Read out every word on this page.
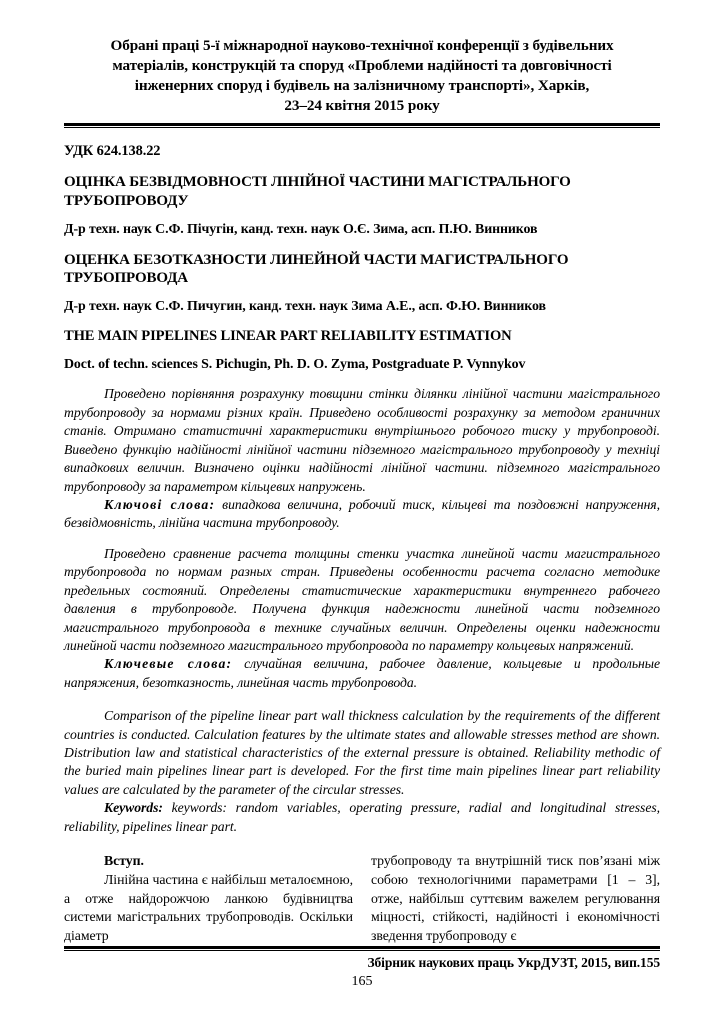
Обрані праці 5-ї міжнародної науково-технічної конференції з будівельних
матеріалів, конструкцій та споруд «Проблеми надійності та довговічності
інженерних споруд і будівель на залізничному транспорті», Харків,
23–24 квітня 2015 року
УДК 624.138.22
ОЦІНКА БЕЗВІДМОВНОСТІ ЛІНІЙНОЇ ЧАСТИНИ МАГІСТРАЛЬНОГО ТРУБОПРОВОДУ
Д-р техн. наук С.Ф. Пічугін, канд. техн. наук О.Є. Зима, асп. П.Ю. Винников
ОЦЕНКА БЕЗОТКАЗНОСТИ ЛИНЕЙНОЙ ЧАСТИ МАГИСТРАЛЬНОГО ТРУБОПРОВОДА
Д-р техн. наук С.Ф. Пичугин, канд. техн. наук Зима А.Е., асп. Ф.Ю. Винников
THE MAIN PIPELINES LINEAR PART RELIABILITY ESTIMATION
Doct. of techn. sciences S. Pichugin, Ph. D. O. Zyma, Postgraduate P. Vynnykov
Проведено порівняння розрахунку товщини стінки ділянки лінійної частини магістрального трубопроводу за нормами різних країн. Приведено особливості розрахунку за методом граничних станів. Отримано статистичні характеристики внутрішнього робочого тиску у трубопроводі. Виведено функцію надійності лінійної частини підземного магістрального трубопроводу у техніці випадкових величин. Визначено оцінки надійності лінійної частини. підземного магістрального трубопроводу за параметром кільцевих напружень.
Ключові слова: випадкова величина, робочий тиск, кільцеві та поздовжні напруження, безвідмовність, лінійна частина трубопроводу.
Проведено сравнение расчета толщины стенки участка линейной части магистрального трубопровода по нормам разных стран. Приведены особенности расчета согласно методике предельных состояний. Определены статистические характеристики внутреннего рабочего давления в трубопроводе. Получена функция надежности линейной части подземного магистрального трубопровода в технике случайных величин. Определены оценки надежности линейной части подземного магистрального трубопровода по параметру кольцевых напряжений.
Ключевые слова: случайная величина, рабочее давление, кольцевые и продольные напряжения, безотказность, линейная часть трубопровода.
Comparison of the pipeline linear part wall thickness calculation by the requirements of the different countries is conducted. Calculation features by the ultimate states and allowable stresses method are shown. Distribution law and statistical characteristics of the external pressure is obtained. Reliability methodic of the buried main pipelines linear part is developed. For the first time main pipelines linear part reliability values are calculated by the parameter of the circular stresses.
Keywords: keywords: random variables, operating pressure, radial and longitudinal stresses, reliability, pipelines linear part.
Вступ.
Лінійна частина є найбільш металоємною, а отже найдорожчою ланкою будівництва системи магістральних трубопроводів. Оскільки діаметр
трубопроводу та внутрішній тиск пов’язані між собою технологічними параметрами [1 – 3], отже, найбільш суттєвим важелем регулювання міцності, стійкості, надійності і економічності зведення трубопроводу є
Збірник наукових праць УкрДУЗТ, 2015, вип.155
165
